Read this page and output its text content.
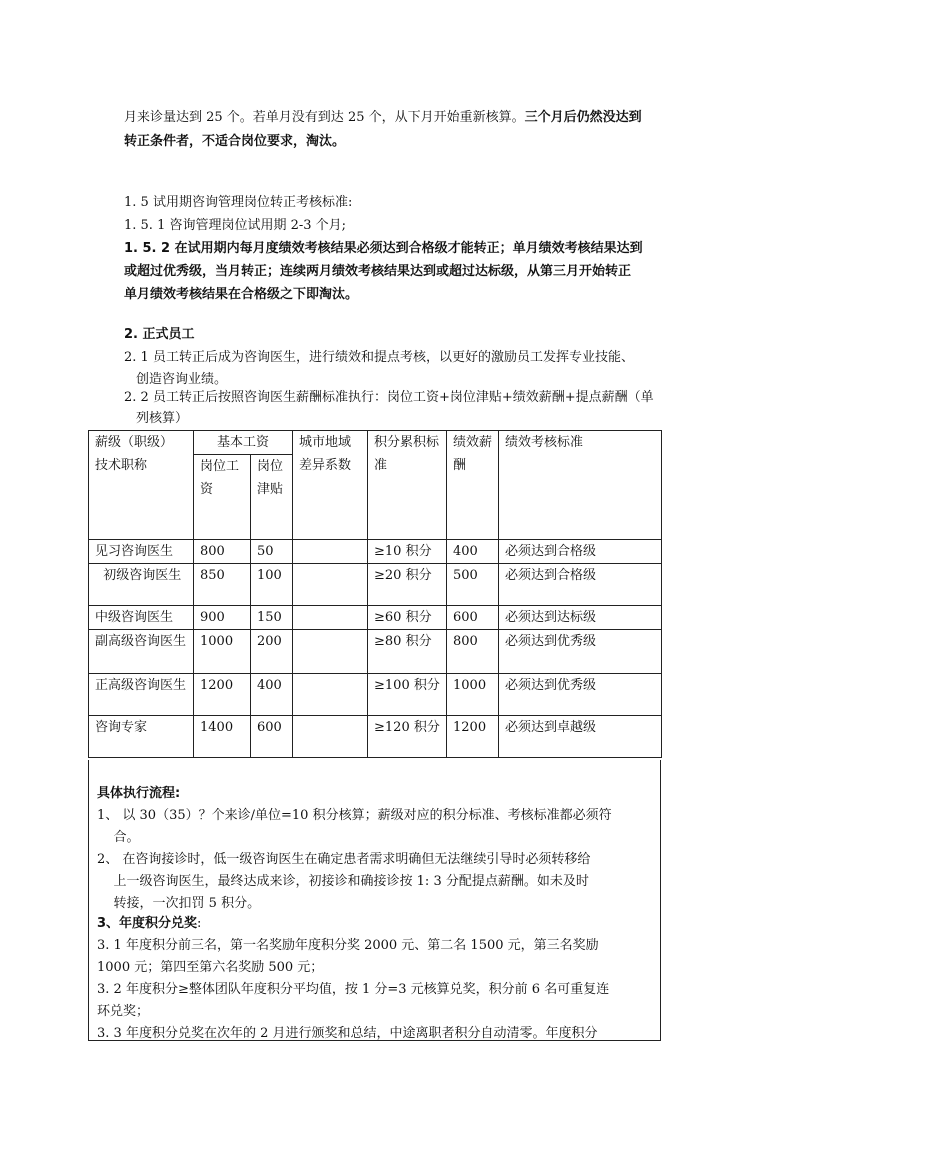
月来诊量达到 25 个。若单月没有到达 25 个，从下月开始重新核算。三个月后仍然没达到
转正条件者，不适合岗位要求，淘汰。
1. 5 试用期咨询管理岗位转正考核标准:
1. 5. 1 咨询管理岗位试用期 2-3 个月;
1. 5. 2 在试用期内每月度绩效考核结果必须达到合格级才能转正；单月绩效考核结果达到
或超过优秀级，当月转正；连续两月绩效考核结果达到或超过达标级，从第三月开始转正
单月绩效考核结果在合格级之下即淘汰。
2. 正式员工
2. 1 员工转正后成为咨询医生，进行绩效和提点考核，以更好的激励员工发挥专业技能、
创造咨询业绩。
2. 2 员工转正后按照咨询医生薪酬标准执行：岗位工资+岗位津贴+绩效薪酬+提点薪酬（单
列核算）
薪级（职级）
技术职称	基本工资		城市地域差异系数	积分累积标准	绩效薪酬	绩效考核标准
	岗位工资	岗位津贴				
见习咨询医生	800	50		≥10 积分	400	必须达到合格级
初级咨询医生	850	100		≥20 积分	500	必须达到合格级
中级咨询医生	900	150		≥60 积分	600	必须达到达标级
副高级咨询医生	1000	200		≥80 积分	800	必须达到优秀级
正高级咨询医生	1200	400		≥100 积分	1000	必须达到优秀级
咨询专家	1400	600		≥120 积分	1200	必须达到卓越级
具体执行流程:
1、 以 30（35）？个来诊/单位=10 积分核算；薪级对应的积分标准、考核标准都必须符
合。
2、 在咨询接诊时，低一级咨询医生在确定患者需求明确但无法继续引导时必须转移给
上一级咨询医生，最终达成来诊，初接诊和确接诊按 1: 3 分配提点薪酬。如未及时
转接，一次扣罚 5 积分。
3、年度积分兑奖:
3. 1 年度积分前三名，第一名奖励年度积分奖 2000 元、第二名 1500 元，第三名奖励
1000 元；第四至第六名奖励 500 元；
3. 2 年度积分≥整体团队年度积分平均值，按 1 分=3 元核算兑奖，积分前 6 名可重复连
环兑奖；
3. 3 年度积分兑奖在次年的 2 月进行颁奖和总结，中途离职者积分自动清零。年度积分
